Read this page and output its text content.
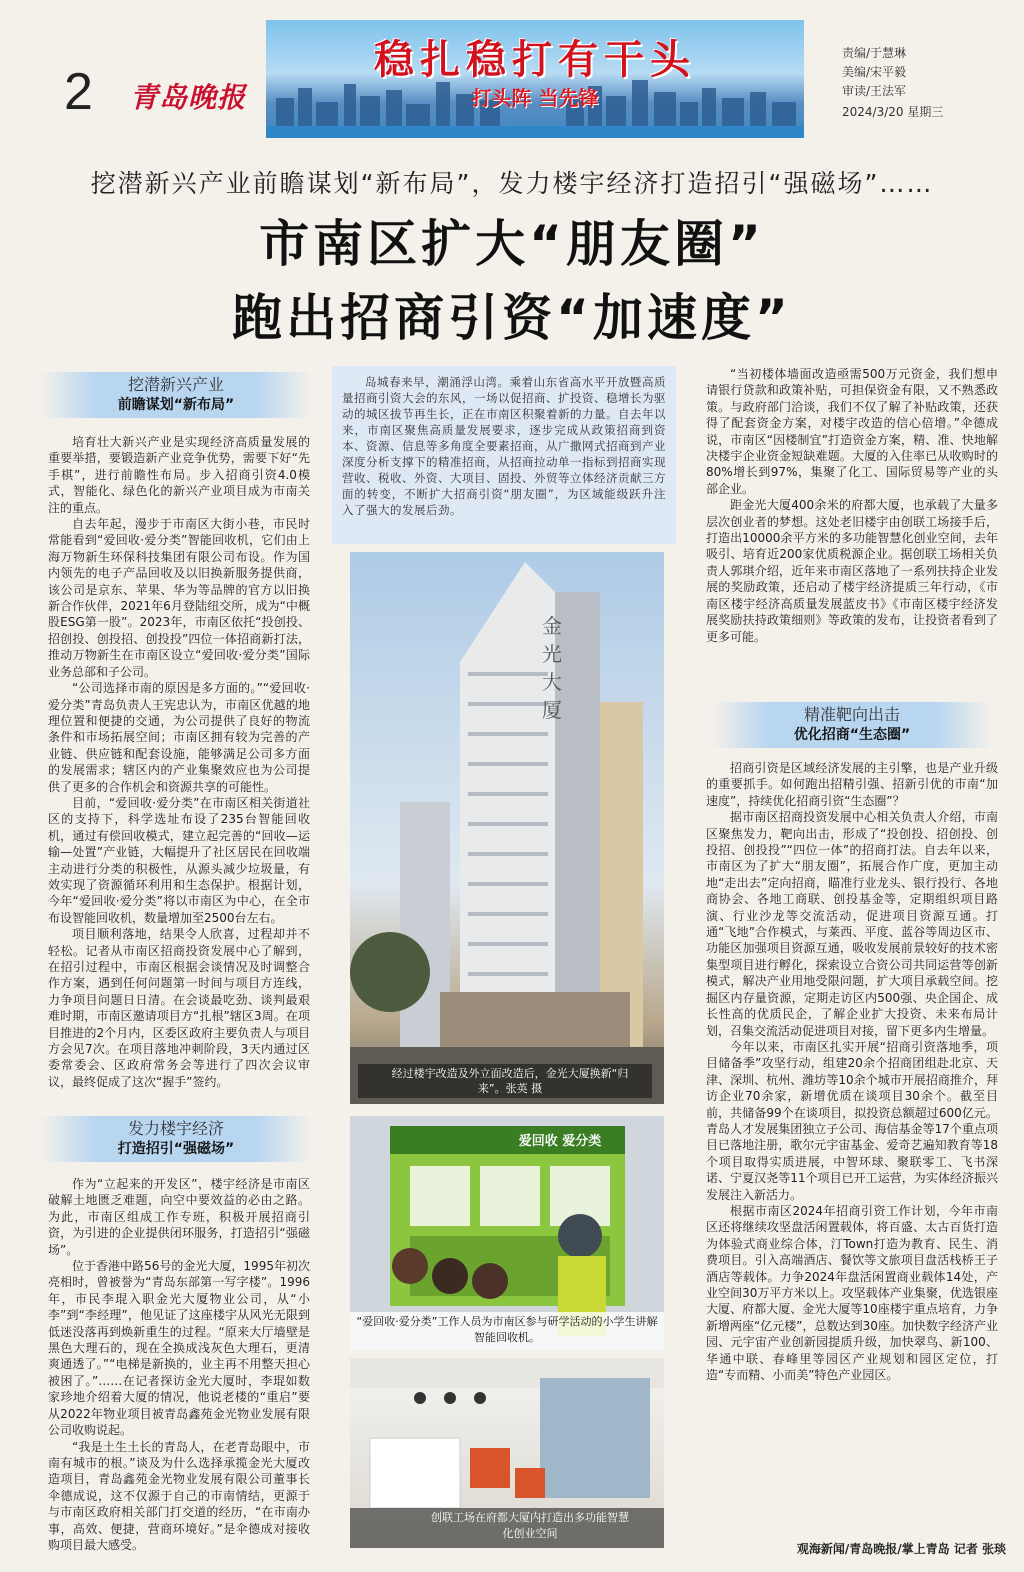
2 青岛晚报
稳扎稳打有干头
打头阵 当先锋
责编/于慧琳
美编/宋平毅
审读/王法军
2024/3/20 星期三
挖潜新兴产业前瞻谋划“新布局”，发力楼宇经济打造招引“强磁场”……
市南区扩大“朋友圈”
跑出招商引资“加速度”
挖潜新兴产业
前瞻谋划“新布局”

培育壮大新兴产业是实现经济高质量发展的重要举措，要锻造新产业竞争优势，需要下好“先手棋”，进行前瞻性布局。步入招商引资4.0模式，智能化、绿色化的新兴产业项目成为市南关注的重点。

自去年起，漫步于市南区大街小巷，市民时常能看到“爱回收·爱分类”智能回收机，它们由上海万物新生环保科技集团有限公司布设。作为国内领先的电子产品回收及以旧换新服务提供商，该公司是京东、苹果、华为等品牌的官方以旧换新合作伙伴，2021年6月登陆纽交所，成为“中概股ESG第一股”。2023年，市南区依托“投创投、招创投、创投招、创投投”四位一体招商新打法，推动万物新生在市南区设立“爱回收·爱分类”国际业务总部和子公司。

“公司选择市南的原因是多方面的。”“爱回收·爱分类”青岛负责人王宪忠认为，市南区优越的地理位置和便捷的交通，为公司提供了良好的物流条件和市场拓展空间；市南区拥有较为完善的产业链、供应链和配套设施，能够满足公司多方面的发展需求；辖区内的产业集聚效应也为公司提供了更多的合作机会和资源共享的可能性。

目前，“爱回收·爱分类”在市南区相关街道社区的支持下，科学选址布设了235台智能回收机，通过有偿回收模式，建立起完善的“回收—运输—处置”产业链，大幅提升了社区居民在回收端主动进行分类的积极性，从源头减少垃圾量，有效实现了资源循环利用和生态保护。根据计划，今年“爱回收·爱分类”将以市南区为中心，在全市布设智能回收机，数量增加至2500台左右。

项目顺利落地，结果令人欣喜，过程却并不轻松。记者从市南区招商投资发展中心了解到，在招引过程中，市南区根据会谈情况及时调整合作方案，遇到任何问题第一时间与项目方连线，力争项目问题日日清。在会谈最吃劲、谈判最艰难时期，市南区邀请项目方“扎根”辖区3周。在项目推进的2个月内，区委区政府主要负责人与项目方会见7次。在项目落地冲刺阶段，3天内通过区委常委会、区政府常务会等进行了四次会议审议，最终促成了这次“握手”签约。

发力楼宇经济
打造招引“强磁场”

作为“立起来的开发区”，楼宇经济是市南区破解土地匮乏难题，向空中要效益的必由之路。为此，市南区组成工作专班，积极开展招商引资，为引进的企业提供闭环服务，打造招引“强磁场”。

位于香港中路56号的金光大厦，1995年初次亮相时，曾被誉为“青岛东部第一写字楼”。1996年，市民李琨入职金光大厦物业公司，从“小李”到“李经理”，他见证了这座楼宇从风光无限到低迷没落再到焕新重生的过程。“原来大厅墙壁是黑色大理石的，现在全换成浅灰色大理石，更清爽通透了。”“电梯是新换的，业主再不用整天担心被困了。”……在记者探访金光大厦时，李琨如数家珍地介绍着大厦的情况，他说老楼的“重启”要从2022年物业项目被青岛鑫苑金光物业发展有限公司收购说起。

“我是土生土长的青岛人，在老青岛眼中，市南有城市的根。”谈及为什么选择承揽金光大厦改造项目，青岛鑫苑金光物业发展有限公司董事长伞德成说，这不仅源于自己的市南情结，更源于与市南区政府相关部门打交道的经历，“在市南办事，高效、便捷，营商环境好。”是伞德成对接收购项目最大感受。

岛城春来早，潮涌浮山湾。乘着山东省高水平开放暨高质量招商引资大会的东风，一场以促招商、扩投资、稳增长为驱动的城区拔节再生长，正在市南区积聚着新的力量。自去年以来，市南区聚焦高质量发展要求，逐步完成从政策招商到资本、资源、信息等多角度全要素招商，从广撒网式招商到产业深度分析支撑下的精准招商，从招商拉动单一指标到招商实现营收、税收、外资、大项目、固投、外贸等立体经济贡献三方面的转变，不断扩大招商引资“朋友圈”，为区域能级跃升注入了强大的发展后劲。

金光大厦
经过楼宇改造及外立面改造后，金光大厦换新“归来”。张英 摄
爱回收 爱分类
“爱回收·爱分类”工作人员为市南区参与研学活动的小学生讲解智能回收机。
创联工场在府都大厦内打造出多功能智慧化创业空间

“当初楼体墙面改造亟需500万元资金，我们想申请银行贷款和政策补贴，可担保资金有限，又不熟悉政策。与政府部门洽谈，我们不仅了解了补贴政策，还获得了配套资金方案，对楼宇改造的信心倍增。”伞德成说，市南区“因楼制宜”打造资金方案，精、准、快地解决楼宇企业资金短缺难题。大厦的入住率已从收购时的80%增长到97%，集聚了化工、国际贸易等产业的头部企业。

距金光大厦400余米的府都大厦，也承载了大量多层次创业者的梦想。这处老旧楼宇由创联工场接手后，打造出10000余平方米的多功能智慧化创业空间，去年吸引、培育近200家优质税源企业。据创联工场相关负责人郭琪介绍，近年来市南区落地了一系列扶持企业发展的奖励政策，还启动了楼宇经济提质三年行动，《市南区楼宇经济高质量发展蓝皮书》《市南区楼宇经济发展奖励扶持政策细则》等政策的发布，让投资者看到了更多可能。

精准靶向出击
优化招商“生态圈”

招商引资是区域经济发展的主引擎，也是产业升级的重要抓手。如何跑出招精引强、招新引优的市南“加速度”，持续优化招商引资“生态圈”？

据市南区招商投资发展中心相关负责人介绍，市南区聚焦发力，靶向出击，形成了“投创投、招创投、创投招、创投投”“四位一体”的招商打法。自去年以来，市南区为了扩大“朋友圈”，拓展合作广度，更加主动地“走出去”定向招商，瞄准行业龙头、银行投行、各地商协会、各地工商联、创投基金等，定期组织项目路演、行业沙龙等交流活动，促进项目资源互通。打通“飞地”合作模式，与莱西、平度、蓝谷等周边区市、功能区加强项目资源互通，吸收发展前景较好的技术密集型项目进行孵化，探索设立合资公司共同运营等创新模式，解决产业用地受限问题，扩大项目承载空间。挖掘区内存量资源，定期走访区内500强、央企国企、成长性高的优质民企，了解企业扩大投资、未来布局计划，召集交流活动促进项目对接，留下更多内生增量。

今年以来，市南区扎实开展“招商引资落地季，项目储备季”攻坚行动，组建20余个招商团组赴北京、天津、深圳、杭州、潍坊等10余个城市开展招商推介，拜访企业70余家，新增优质在谈项目30余个。截至目前，共储备99个在谈项目，拟投资总额超过600亿元。青岛人才发展集团独立子公司、海信基金等17个重点项目已落地注册，歌尔元宇宙基金、爱奇艺遍知教育等18个项目取得实质进展，中智环球、聚联零工、飞书深诺、宁夏汉尧等11个项目已开工运营，为实体经济振兴发展注入新活力。

根据市南区2024年招商引资工作计划，今年市南区还将继续攻坚盘活闲置载体，将百盛、太古百货打造为体验式商业综合体，汀Town打造为教育、民生、消费项目。引入高端酒店、餐饮等文旅项目盘活栈桥王子酒店等载体。力争2024年盘活闲置商业载体14处，产业空间30万平方米以上。攻坚载体产业集聚，优选银座大厦、府都大厦、金光大厦等10座楼宇重点培育，力争新增两座“亿元楼”，总数达到30座。加快数字经济产业园、元宇宙产业创新园提质升级，加快翠鸟、新100、华通中联、春峰里等园区产业规划和园区定位，打造“专而精、小而美”特色产业园区。

观海新闻/青岛晚报/掌上青岛 记者 张琰
